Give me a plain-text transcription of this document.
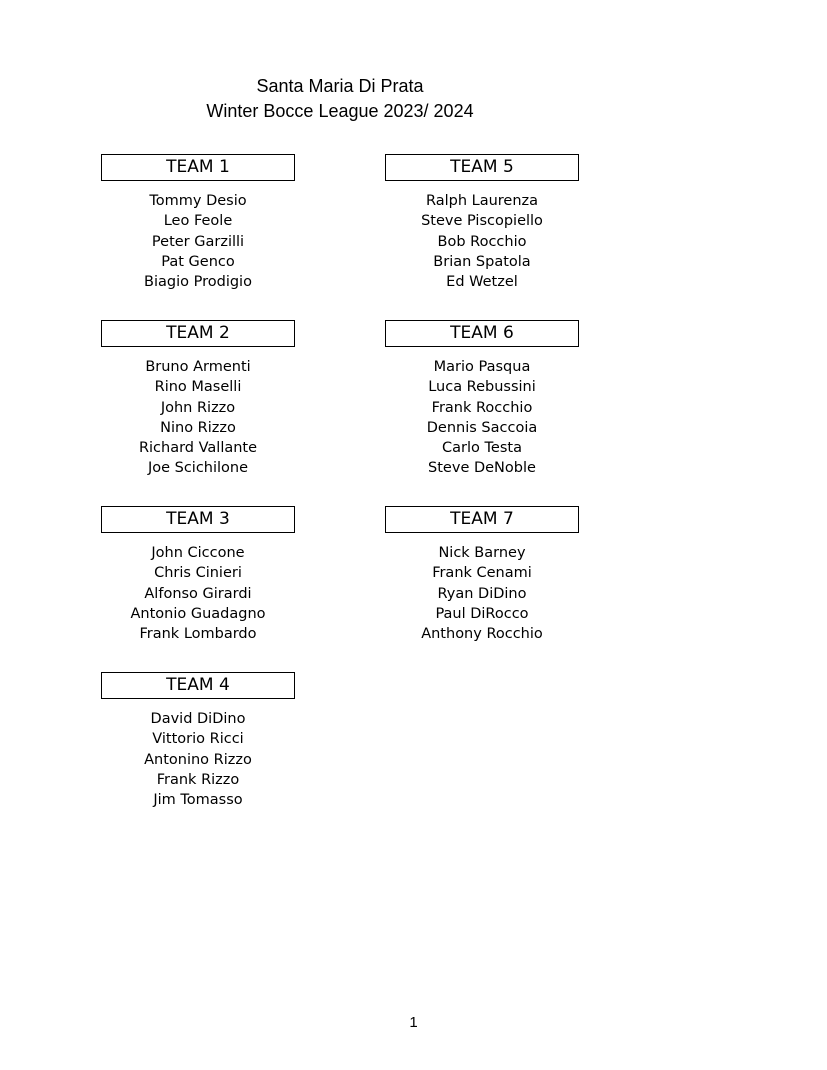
Santa Maria Di Prata
Winter Bocce League 2023/ 2024
TEAM 1
Tommy Desio
Leo Feole
Peter Garzilli
Pat Genco
Biagio Prodigio
TEAM 2
Bruno Armenti
Rino Maselli
John Rizzo
Nino Rizzo
Richard Vallante
Joe Scichilone
TEAM 3
John Ciccone
Chris Cinieri
Alfonso Girardi
Antonio Guadagno
Frank Lombardo
TEAM 4
David DiDino
Vittorio Ricci
Antonino Rizzo
Frank Rizzo
Jim Tomasso
TEAM 5
Ralph Laurenza
Steve Piscopiello
Bob Rocchio
Brian Spatola
Ed Wetzel
TEAM 6
Mario Pasqua
Luca Rebussini
Frank Rocchio
Dennis Saccoia
Carlo Testa
Steve DeNoble
TEAM 7
Nick Barney
Frank Cenami
Ryan DiDino
Paul DiRocco
Anthony Rocchio
1
